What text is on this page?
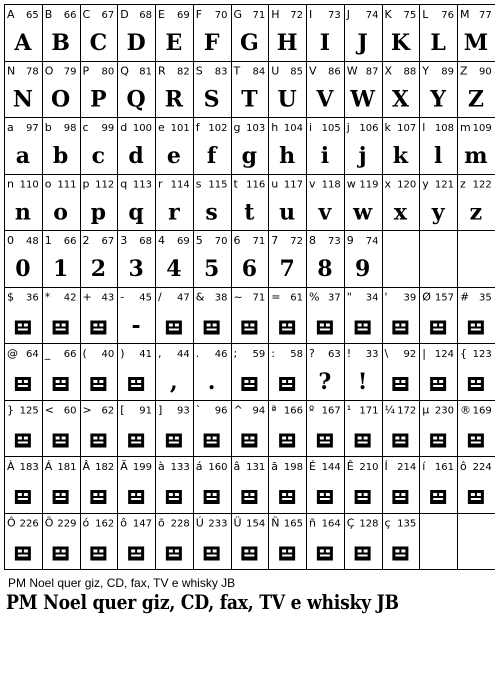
A 65
A
B 66
B
C 67
C
D 68
D
E 69
E
F 70
F
G 71
G
H 72
H
I 73
I
J 74
J
K 75
K
L 76
L
M 77
M
N 78
N
O 79
O
P 80
P
Q 81
Q
R 82
R
S 83
S
T 84
T
U 85
U
V 86
V
W 87
W
X 88
X
Y 89
Y
Z 90
Z
a 97
a
b 98
b
c 99
c
d 100
d
e 101
e
f 102
f
g 103
g
h 104
h
i 105
i
j 106
j
k 107
k
l 108
l
m 109
m
n 110
n
o 111
o
p 112
p
q 113
q
r 114
r
s 115
s
t 116
t
u 117
u
v 118
v
w 119
w
x 120
x
y 121
y
z 122
z
0 48
0
1 66
1
2 67
2
3 68
3
4 69
4
5 70
5
6 71
6
7 72
7
8 73
8
9 74
9
$ 36 * 42 + 43 - 45
-
/ 47 & 38 ~ 71 = 61 % 37 " 34 ' 39 Ø 157 # 35
@ 64 _ 66 ( 40 ) 41 , 44
,
. 46
.
; 59 : 58 ? 63
?
! 33
!
\ 92 | 124 { 123
} 125 < 60 > 62 [ 91 ] 93 ` 96 ^ 94 ª 166 º 167 ¹ 171 ¼ 172 µ 230 ® 169
À 183 Á 181 Â 182 Ã 199 à 133 á 160 â 131 ã 198 É 144 Ê 210 Í 214 í 161 ô 224
Ô 226 Õ 229 ó 162 ô 147 õ 228 Ú 233 Ü 154 Ñ 165 ñ 164 Ç 128 ç 135
PM Noel quer giz, CD, fax, TV e whisky JB
PM Noel quer giz, CD, fax, TV e whisky JB
